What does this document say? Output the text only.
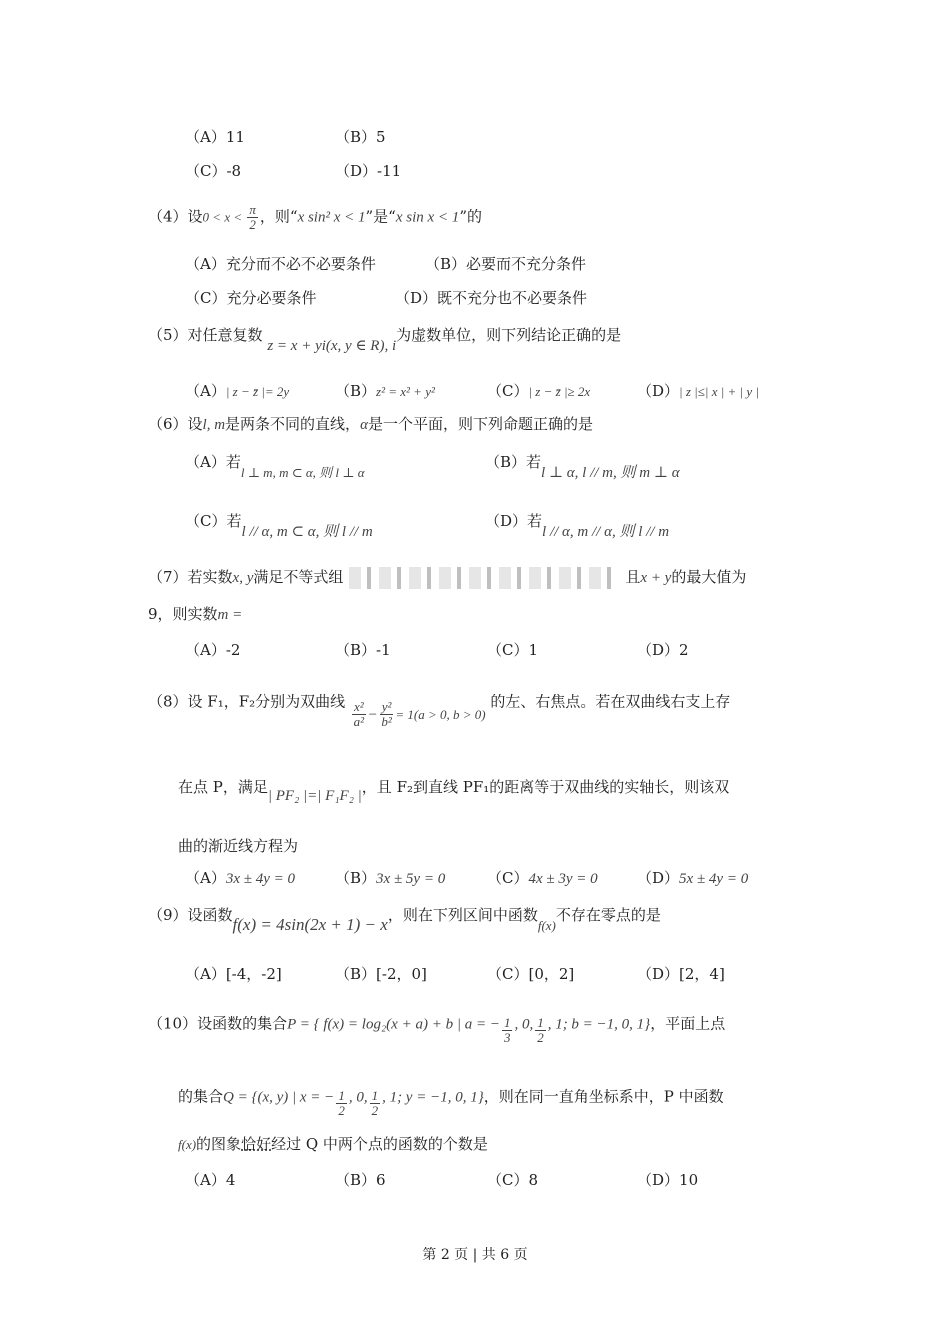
（A）11	（B）5
（C）-8	（D）-11
（4）设$0 < x < \frac{\pi}{2}$ ，则“x sin² x < 1”是“x sin x < 1”的
（A）充分而不必不必要条件	（B）必要而不充分条件
（C）充分必要条件	（D）既不充分也不必要条件
（5）对任意复数 z = x + yi(x, y ∈ R), i为虚数单位，则下列结论正确的是
（A）| z − z̄ |= 2y	（B）z² = x² + y²	（C）| z − z̄ |≥ 2x	（D）| z |≤| x | + | y |
（6）设l, m是两条不同的直线，α是一个平面，则下列命题正确的是
（A）若l ⊥ m, m ⊂ α, 则 l ⊥ α
（B）若l ⊥ α, l // m, 则 m ⊥ α
（C）若l // α, m ⊂ α, 则 l // m
（D）若l // α, m // α, 则 l // m
（7）若实数x, y满足不等式组	且x + y的最大值为
9，则实数m =
（A）-2	（B）-1	（C）1	（D）2
（8）设 F₁，F₂分别为双曲线 $\frac{\text{x²}}{\text{a²}} - \frac{\text{y²}}{\text{b²}} = 1(a > 0$, b > 0) 的左、右焦点。若在双曲线右支上存
在点 P，满足| PF₂ |=| F₁F₂ |，且 F₂到直线 PF₁的距离等于双曲线的实轴长，则该双
曲的渐近线方程为
（A）3x ± 4y = 0	（B）3x ± 5y = 0	（C）4x ± 3y = 0	（D）5x ± 4y = 0
（9）设函数f(x) = 4sin(2x + 1) − x，则在下列区间中函数f(x)不存在零点的是
（A）[-4，-2]	（B）[-2，0]	（C）[0，2]	（D）[2，4]
（10）设函数的集合P = { f(x) = log₂(x + a) + b | a = − $\frac{1}{3}$ , 0, $\frac{1}{2}$ , 1; b = −1, 0, 1}，平面上点
的集合Q = {(x, y) | x = − $\frac{1}{2}$ , 0, $\frac{1}{2}$ , 1; y = −1, 0, 1}，则在同一直角坐标系中，P 中函数
f(x)的图象恰好经过 Q 中两个点的函数的个数是
（A）4	（B）6	（C）8	（D）10
第 2 页 | 共 6 页
